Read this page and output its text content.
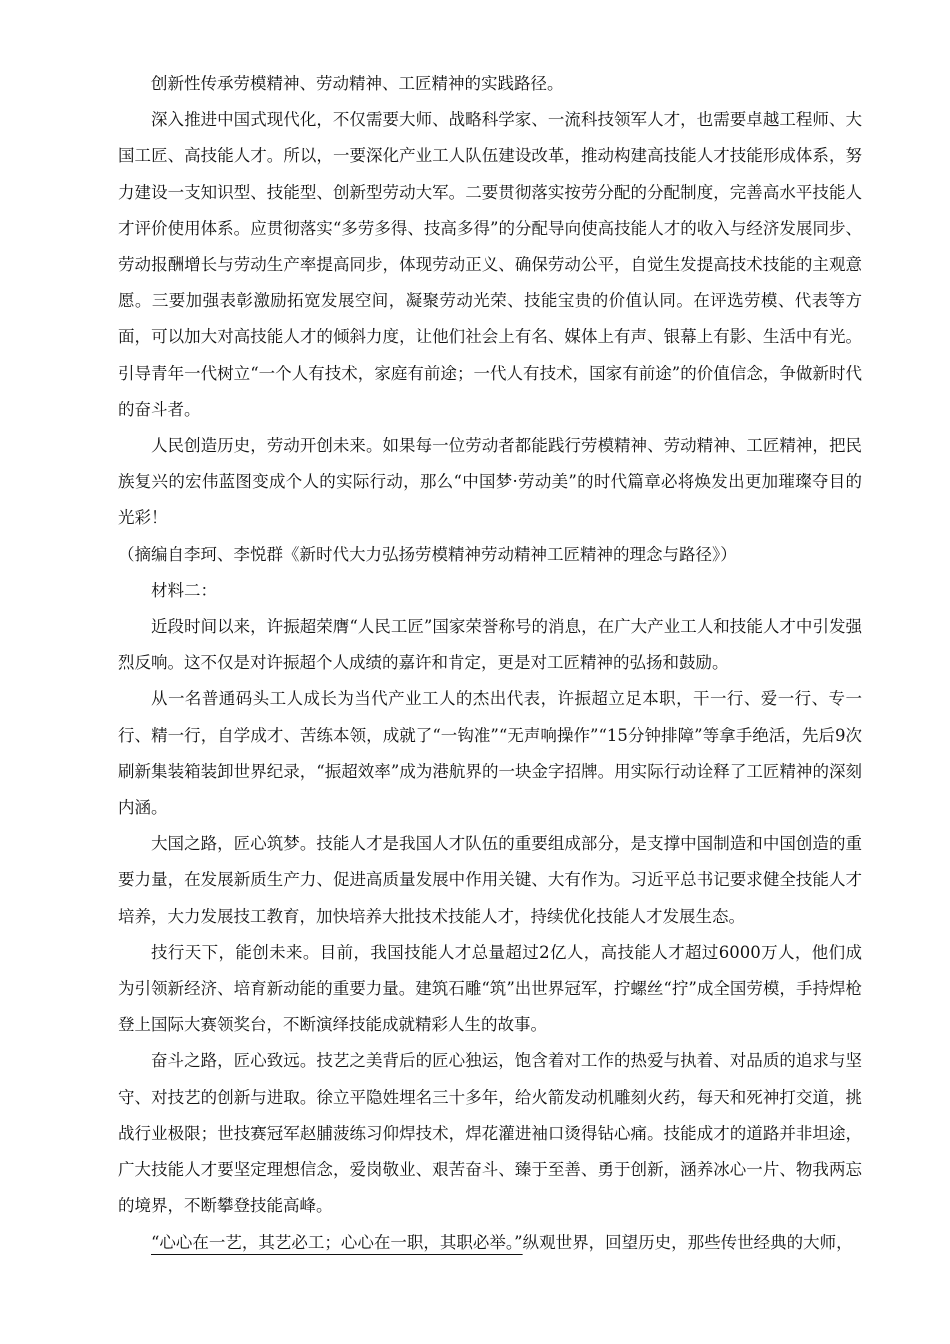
创新性传承劳模精神、劳动精神、工匠精神的实践路径。

深入推进中国式现代化，不仅需要大师、战略科学家、一流科技领军人才，也需要卓越工程师、大国工匠、高技能人才。所以，一要深化产业工人队伍建设改革，推动构建高技能人才技能形成体系，努力建设一支知识型、技能型、创新型劳动大军。二要贯彻落实按劳分配的分配制度，完善高水平技能人才评价使用体系。应贯彻落实“多劳多得、技高多得”的分配导向使高技能人才的收入与经济发展同步、劳动报酬增长与劳动生产率提高同步，体现劳动正义、确保劳动公平，自觉生发提高技术技能的主观意愿。三要加强表彰激励拓宽发展空间，凝聚劳动光荣、技能宝贵的价值认同。在评选劳模、代表等方面，可以加大对高技能人才的倾斜力度，让他们社会上有名、媒体上有声、银幕上有影、生活中有光。引导青年一代树立“一个人有技术，家庭有前途；一代人有技术，国家有前途”的价值信念，争做新时代的奋斗者。

人民创造历史，劳动开创未来。如果每一位劳动者都能践行劳模精神、劳动精神、工匠精神，把民族复兴的宏伟蓝图变成个人的实际行动，那么“中国梦·劳动美”的时代篇章必将焕发出更加璀璨夺目的光彩！

（摘编自李珂、李悦群《新时代大力弘扬劳模精神劳动精神工匠精神的理念与路径》）

材料二：

近段时间以来，许振超荣膺“人民工匠”国家荣誉称号的消息，在广大产业工人和技能人才中引发强烈反响。这不仅是对许振超个人成绩的嘉许和肯定，更是对工匠精神的弘扬和鼓励。

从一名普通码头工人成长为当代产业工人的杰出代表，许振超立足本职，干一行、爱一行、专一行、精一行，自学成才、苦练本领，成就了“一钩准”“无声响操作”“15分钟排障”等拿手绝活，先后9次刷新集装箱装卸世界纪录，“振超效率”成为港航界的一块金字招牌。用实际行动诠释了工匠精神的深刻内涵。

大国之路，匠心筑梦。技能人才是我国人才队伍的重要组成部分，是支撑中国制造和中国创造的重要力量，在发展新质生产力、促进高质量发展中作用关键、大有作为。习近平总书记要求健全技能人才培养，大力发展技工教育，加快培养大批技术技能人才，持续优化技能人才发展生态。

技行天下，能创未来。目前，我国技能人才总量超过2亿人，高技能人才超过6000万人，他们成为引领新经济、培育新动能的重要力量。建筑石雕“筑”出世界冠军，拧螺丝“拧”成全国劳模，手持焊枪登上国际大赛领奖台，不断演绎技能成就精彩人生的故事。

奋斗之路，匠心致远。技艺之美背后的匠心独运，饱含着对工作的热爱与执着、对品质的追求与坚守、对技艺的创新与进取。徐立平隐姓埋名三十多年，给火箭发动机雕刻火药，每天和死神打交道，挑战行业极限；世技赛冠军赵脯菠练习仰焊技术，焊花灌进袖口烫得钻心痛。技能成才的道路并非坦途，广大技能人才要坚定理想信念，爱岗敬业、艰苦奋斗、臻于至善、勇于创新，涵养冰心一片、物我两忘的境界，不断攀登技能高峰。

“心心在一艺，其艺必工；心心在一职，其职必举。”纵观世界，回望历史，那些传世经典的大师，
